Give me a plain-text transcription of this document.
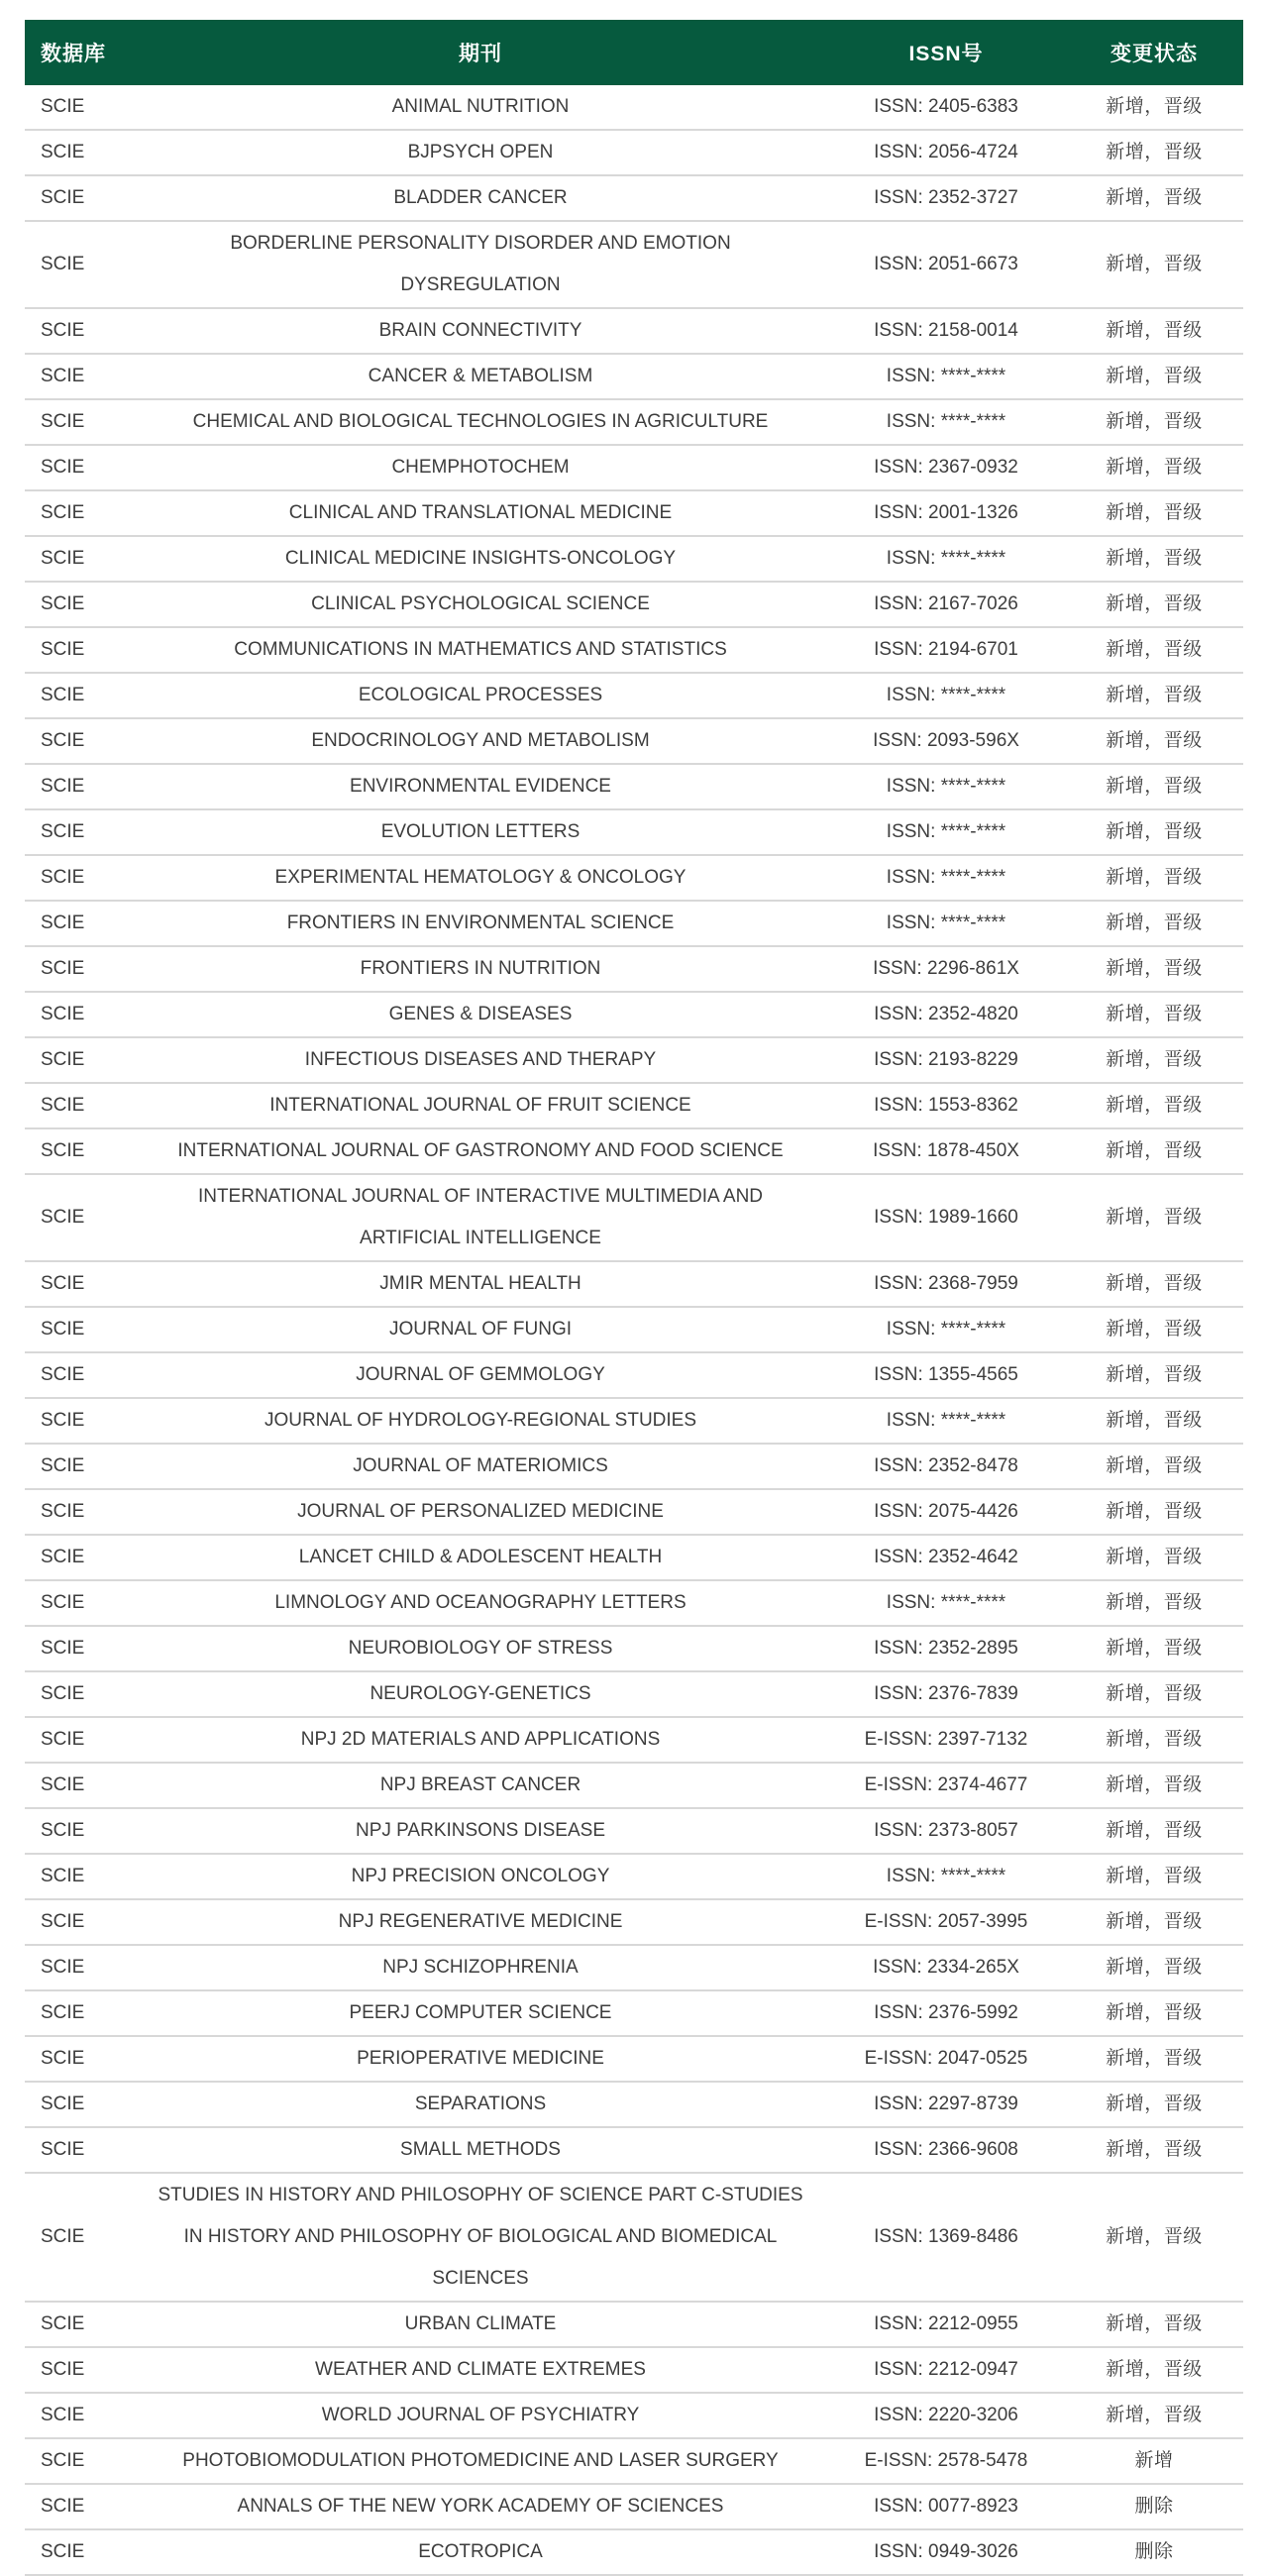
数据库	期刊	ISSN号	变更状态
SCIE	ANIMAL NUTRITION	ISSN: 2405-6383	新增，晋级
SCIE	BJPSYCH OPEN	ISSN: 2056-4724	新增，晋级
SCIE	BLADDER CANCER	ISSN: 2352-3727	新增，晋级
SCIE	BORDERLINE PERSONALITY DISORDER AND EMOTION DYSREGULATION	ISSN: 2051-6673	新增，晋级
SCIE	BRAIN CONNECTIVITY	ISSN: 2158-0014	新增，晋级
SCIE	CANCER & METABOLISM	ISSN: ****-****	新增，晋级
SCIE	CHEMICAL AND BIOLOGICAL TECHNOLOGIES IN AGRICULTURE	ISSN: ****-****	新增，晋级
SCIE	CHEMPHOTOCHEM	ISSN: 2367-0932	新增，晋级
SCIE	CLINICAL AND TRANSLATIONAL MEDICINE	ISSN: 2001-1326	新增，晋级
SCIE	CLINICAL MEDICINE INSIGHTS-ONCOLOGY	ISSN: ****-****	新增，晋级
SCIE	CLINICAL PSYCHOLOGICAL SCIENCE	ISSN: 2167-7026	新增，晋级
SCIE	COMMUNICATIONS IN MATHEMATICS AND STATISTICS	ISSN: 2194-6701	新增，晋级
SCIE	ECOLOGICAL PROCESSES	ISSN: ****-****	新增，晋级
SCIE	ENDOCRINOLOGY AND METABOLISM	ISSN: 2093-596X	新增，晋级
SCIE	ENVIRONMENTAL EVIDENCE	ISSN: ****-****	新增，晋级
SCIE	EVOLUTION LETTERS	ISSN: ****-****	新增，晋级
SCIE	EXPERIMENTAL HEMATOLOGY & ONCOLOGY	ISSN: ****-****	新增，晋级
SCIE	FRONTIERS IN ENVIRONMENTAL SCIENCE	ISSN: ****-****	新增，晋级
SCIE	FRONTIERS IN NUTRITION	ISSN: 2296-861X	新增，晋级
SCIE	GENES & DISEASES	ISSN: 2352-4820	新增，晋级
SCIE	INFECTIOUS DISEASES AND THERAPY	ISSN: 2193-8229	新增，晋级
SCIE	INTERNATIONAL JOURNAL OF FRUIT SCIENCE	ISSN: 1553-8362	新增，晋级
SCIE	INTERNATIONAL JOURNAL OF GASTRONOMY AND FOOD SCIENCE	ISSN: 1878-450X	新增，晋级
SCIE	INTERNATIONAL JOURNAL OF INTERACTIVE MULTIMEDIA AND ARTIFICIAL INTELLIGENCE	ISSN: 1989-1660	新增，晋级
SCIE	JMIR MENTAL HEALTH	ISSN: 2368-7959	新增，晋级
SCIE	JOURNAL OF FUNGI	ISSN: ****-****	新增，晋级
SCIE	JOURNAL OF GEMMOLOGY	ISSN: 1355-4565	新增，晋级
SCIE	JOURNAL OF HYDROLOGY-REGIONAL STUDIES	ISSN: ****-****	新增，晋级
SCIE	JOURNAL OF MATERIOMICS	ISSN: 2352-8478	新增，晋级
SCIE	JOURNAL OF PERSONALIZED MEDICINE	ISSN: 2075-4426	新增，晋级
SCIE	LANCET CHILD & ADOLESCENT HEALTH	ISSN: 2352-4642	新增，晋级
SCIE	LIMNOLOGY AND OCEANOGRAPHY LETTERS	ISSN: ****-****	新增，晋级
SCIE	NEUROBIOLOGY OF STRESS	ISSN: 2352-2895	新增，晋级
SCIE	NEUROLOGY-GENETICS	ISSN: 2376-7839	新增，晋级
SCIE	NPJ 2D MATERIALS AND APPLICATIONS	E-ISSN: 2397-7132	新增，晋级
SCIE	NPJ BREAST CANCER	E-ISSN: 2374-4677	新增，晋级
SCIE	NPJ PARKINSONS DISEASE	ISSN: 2373-8057	新增，晋级
SCIE	NPJ PRECISION ONCOLOGY	ISSN: ****-****	新增，晋级
SCIE	NPJ REGENERATIVE MEDICINE	E-ISSN: 2057-3995	新增，晋级
SCIE	NPJ SCHIZOPHRENIA	ISSN: 2334-265X	新增，晋级
SCIE	PEERJ COMPUTER SCIENCE	ISSN: 2376-5992	新增，晋级
SCIE	PERIOPERATIVE MEDICINE	E-ISSN: 2047-0525	新增，晋级
SCIE	SEPARATIONS	ISSN: 2297-8739	新增，晋级
SCIE	SMALL METHODS	ISSN: 2366-9608	新增，晋级
SCIE	STUDIES IN HISTORY AND PHILOSOPHY OF SCIENCE PART C-STUDIES IN HISTORY AND PHILOSOPHY OF BIOLOGICAL AND BIOMEDICAL SCIENCES	ISSN: 1369-8486	新增，晋级
SCIE	URBAN CLIMATE	ISSN: 2212-0955	新增，晋级
SCIE	WEATHER AND CLIMATE EXTREMES	ISSN: 2212-0947	新增，晋级
SCIE	WORLD JOURNAL OF PSYCHIATRY	ISSN: 2220-3206	新增，晋级
SCIE	PHOTOBIOMODULATION PHOTOMEDICINE AND LASER SURGERY	E-ISSN: 2578-5478	新增
SCIE	ANNALS OF THE NEW YORK ACADEMY OF SCIENCES	ISSN: 0077-8923	删除
SCIE	ECOTROPICA	ISSN: 0949-3026	删除
